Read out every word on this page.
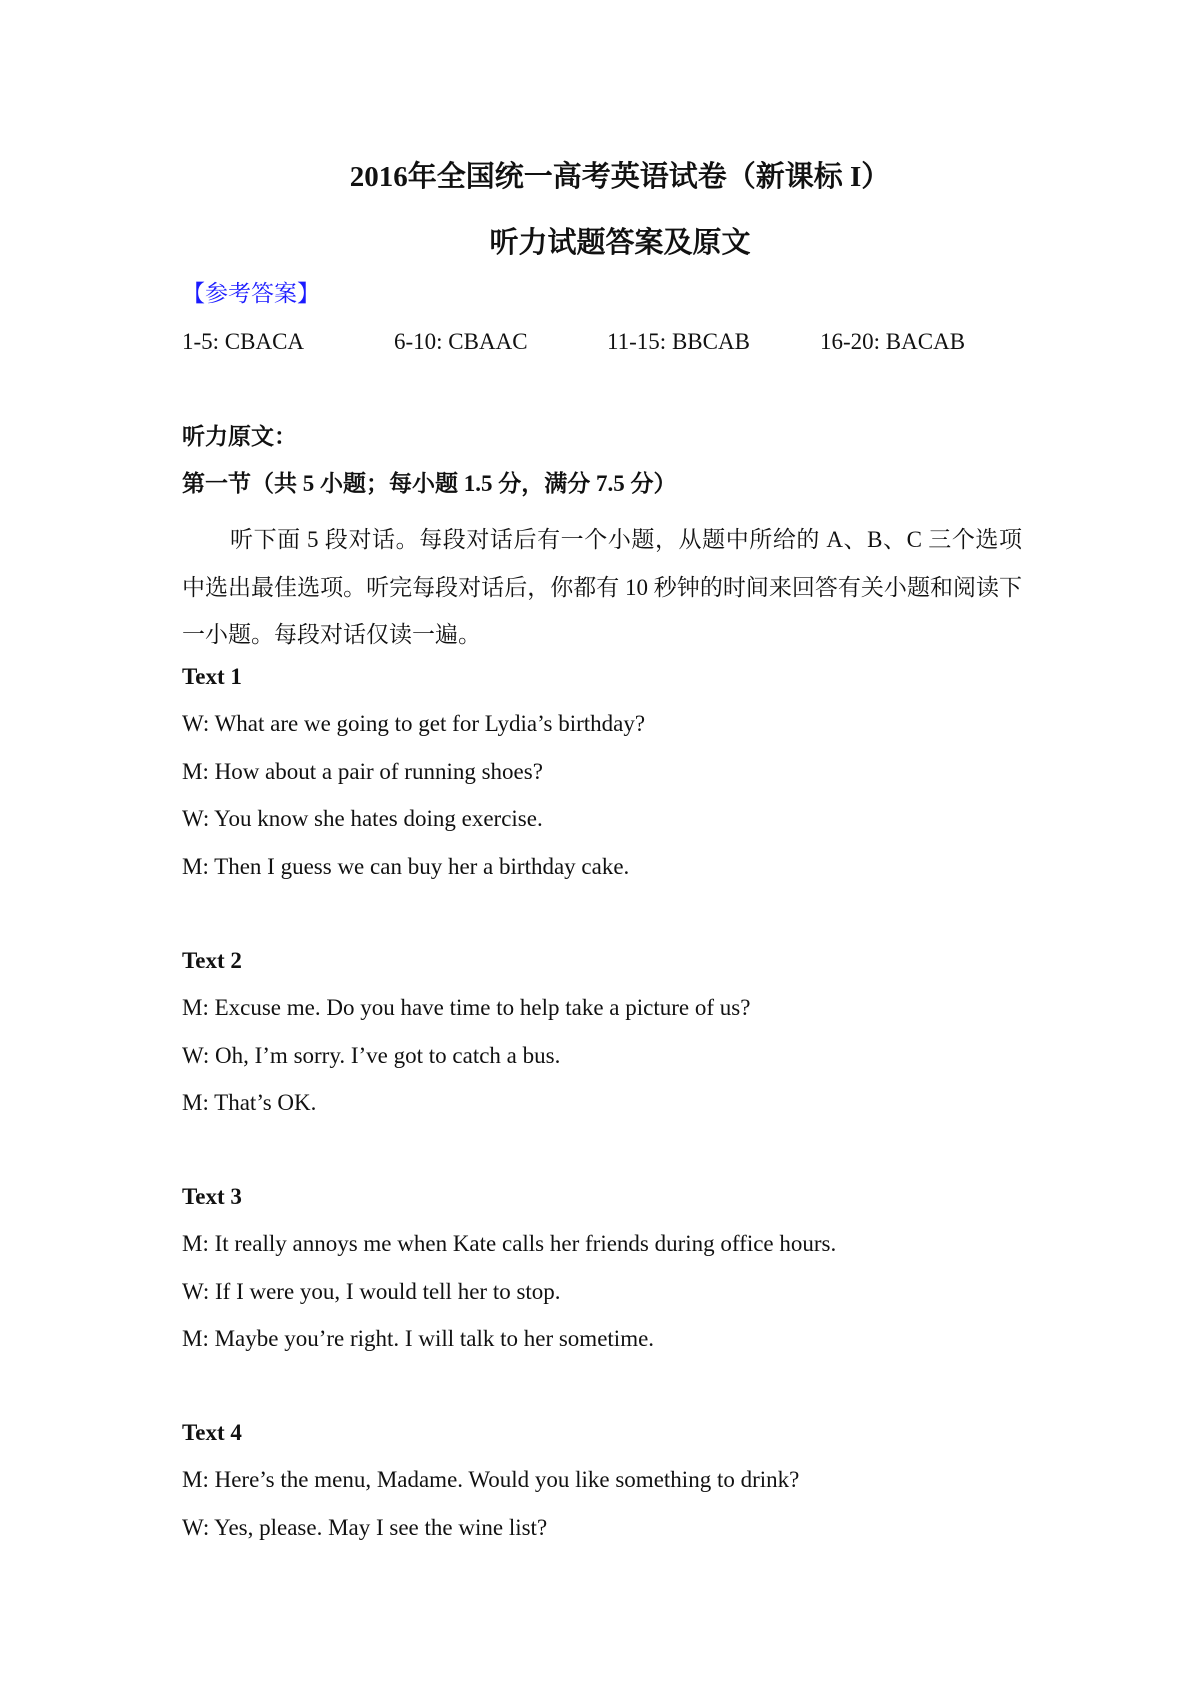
2016年全国统一高考英语试卷（新课标 I）
听力试题答案及原文
【参考答案】
1-5: CBACA	6-10: CBAAC	11-15: BBCAB	16-20: BACAB
听力原文：
第一节（共 5 小题；每小题 1.5 分，满分 7.5 分）
听下面 5 段对话。每段对话后有一个小题，从题中所给的 A、B、C 三个选项中选出最佳选项。听完每段对话后，你都有 10 秒钟的时间来回答有关小题和阅读下一小题。每段对话仅读一遍。
Text 1
W: What are we going to get for Lydia’s birthday?
M: How about a pair of running shoes?
W: You know she hates doing exercise.
M: Then I guess we can buy her a birthday cake.
Text 2
M: Excuse me. Do you have time to help take a picture of us?
W: Oh, I’m sorry. I’ve got to catch a bus.
M: That’s OK.
Text 3
M: It really annoys me when Kate calls her friends during office hours.
W: If I were you, I would tell her to stop.
M: Maybe you’re right. I will talk to her sometime.
Text 4
M: Here’s the menu, Madame. Would you like something to drink?
W: Yes, please. May I see the wine list?
